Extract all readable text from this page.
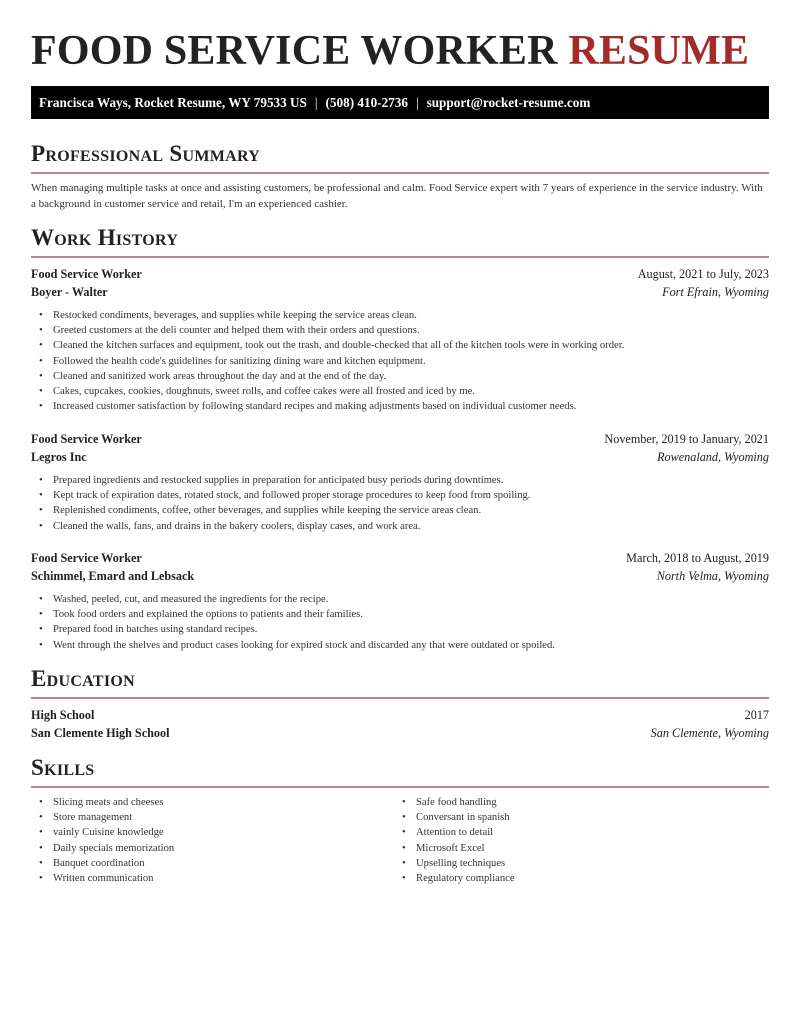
FOOD SERVICE WORKER RESUME
Francisca Ways, Rocket Resume, WY 79533 US | (508) 410-2736 | support@rocket-resume.com
Professional Summary

When managing multiple tasks at once and assisting customers, be professional and calm. Food Service expert with 7 years of experience in the service industry. With a background in customer service and retail, I'm an experienced cashier.

Work History
Food Service Worker	August, 2021 to July, 2023
Boyer - Walter	Fort Efrain, Wyoming
• Restocked condiments, beverages, and supplies while keeping the service areas clean.
• Greeted customers at the deli counter and helped them with their orders and questions.
• Cleaned the kitchen surfaces and equipment, took out the trash, and double-checked that all of the kitchen tools were in working order.
• Followed the health code's guidelines for sanitizing dining ware and kitchen equipment.
• Cleaned and sanitized work areas throughout the day and at the end of the day.
• Cakes, cupcakes, cookies, doughnuts, sweet rolls, and coffee cakes were all frosted and iced by me.
• Increased customer satisfaction by following standard recipes and making adjustments based on individual customer needs.
Food Service Worker	November, 2019 to January, 2021
Legros Inc	Rowenaland, Wyoming
• Prepared ingredients and restocked supplies in preparation for anticipated busy periods during downtimes.
• Kept track of expiration dates, rotated stock, and followed proper storage procedures to keep food from spoiling.
• Replenished condiments, coffee, other beverages, and supplies while keeping the service areas clean.
• Cleaned the walls, fans, and drains in the bakery coolers, display cases, and work area.
Food Service Worker	March, 2018 to August, 2019
Schimmel, Emard and Lebsack	North Velma, Wyoming
• Washed, peeled, cut, and measured the ingredients for the recipe.
• Took food orders and explained the options to patients and their families.
• Prepared food in batches using standard recipes.
• Went through the shelves and product cases looking for expired stock and discarded any that were outdated or spoiled.
Education
High School	2017
San Clemente High School	San Clemente, Wyoming
Skills
• Slicing meats and cheeses
• Store management
• vainly Cuisine knowledge
• Daily specials memorization
• Banquet coordination
• Written communication
• Safe food handling
• Conversant in spanish
• Attention to detail
• Microsoft Excel
• Upselling techniques
• Regulatory compliance
